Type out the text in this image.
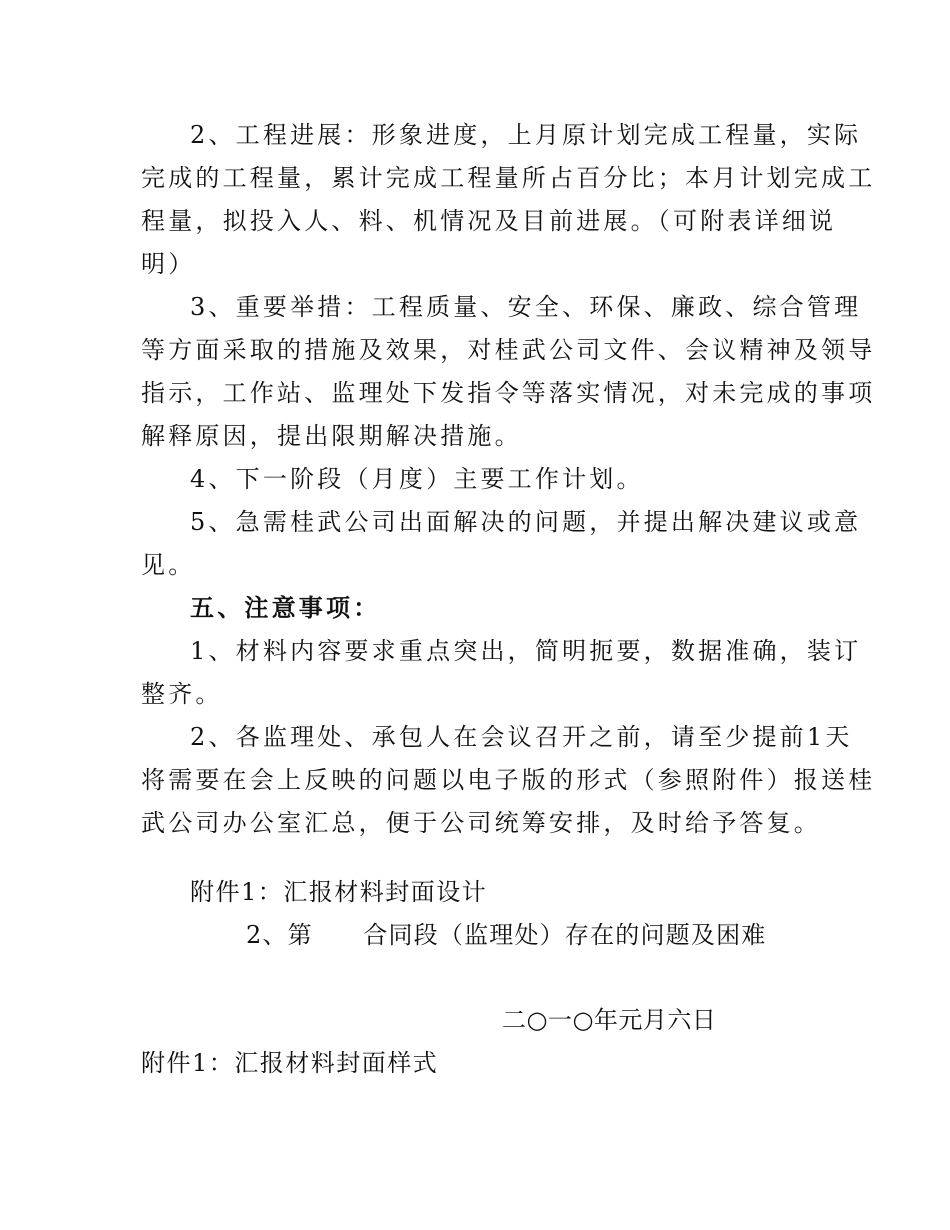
2、工程进展：形象进度，上月原计划完成工程量，实际
完成的工程量，累计完成工程量所占百分比；本月计划完成工
程量，拟投入人、料、机情况及目前进展。（可附表详细说
明）
3、重要举措：工程质量、安全、环保、廉政、综合管理
等方面采取的措施及效果，对桂武公司文件、会议精神及领导
指示，工作站、监理处下发指令等落实情况，对未完成的事项
解释原因，提出限期解决措施。
4、下一阶段（月度）主要工作计划。
5、急需桂武公司出面解决的问题，并提出解决建议或意
见。
五、注意事项：
1、材料内容要求重点突出，简明扼要，数据准确，装订
整齐。
2、各监理处、承包人在会议召开之前，请至少提前1天
将需要在会上反映的问题以电子版的形式（参照附件）报送桂
武公司办公室汇总，便于公司统筹安排，及时给予答复。
附件1：汇报材料封面设计
2、第　　合同段（监理处）存在的问题及困难
二○一○年元月六日
附件1：汇报材料封面样式
